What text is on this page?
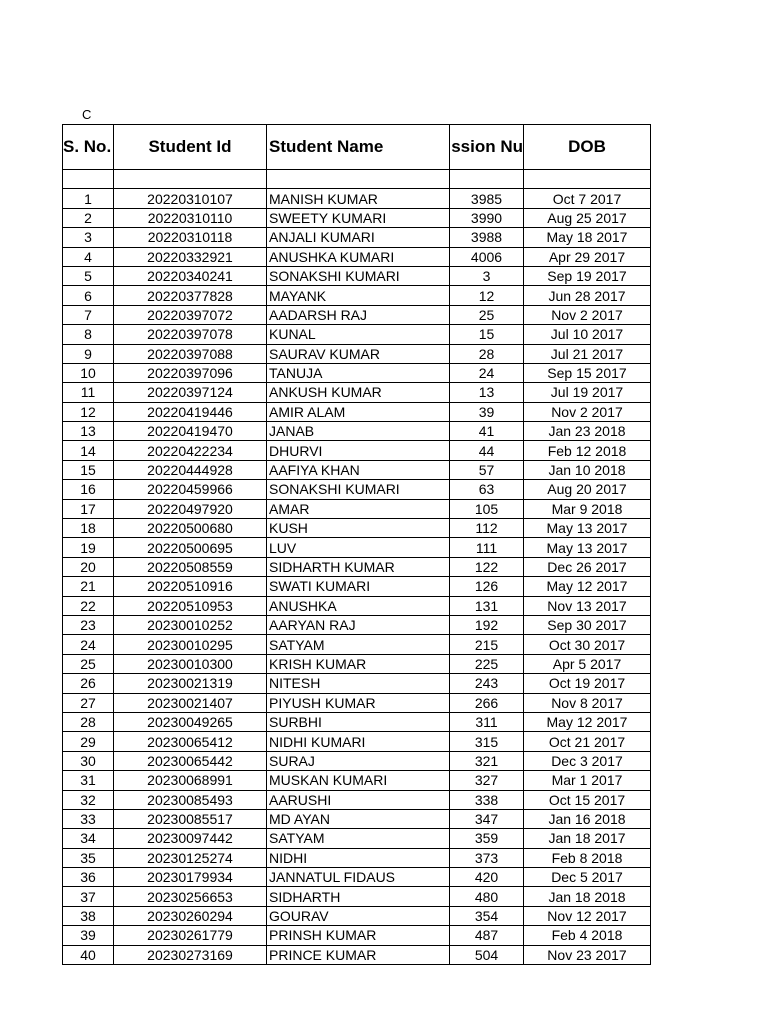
C
S. No.	Student Id	Student Name	ssion Nu	DOB

1	20220310107	MANISH KUMAR	3985	Oct 7 2017
2	20220310110	SWEETY KUMARI	3990	Aug 25 2017
3	20220310118	ANJALI KUMARI	3988	May 18 2017
4	20220332921	ANUSHKA KUMARI	4006	Apr 29 2017
5	20220340241	SONAKSHI KUMARI	3	Sep 19 2017
6	20220377828	MAYANK	12	Jun 28 2017
7	20220397072	AADARSH RAJ	25	Nov 2 2017
8	20220397078	KUNAL	15	Jul 10 2017
9	20220397088	SAURAV KUMAR	28	Jul 21 2017
10	20220397096	TANUJA	24	Sep 15 2017
11	20220397124	ANKUSH KUMAR	13	Jul 19 2017
12	20220419446	AMIR ALAM	39	Nov 2 2017
13	20220419470	JANAB	41	Jan 23 2018
14	20220422234	DHURVI	44	Feb 12 2018
15	20220444928	AAFIYA KHAN	57	Jan 10 2018
16	20220459966	SONAKSHI KUMARI	63	Aug 20 2017
17	20220497920	AMAR	105	Mar 9 2018
18	20220500680	KUSH	112	May 13 2017
19	20220500695	LUV	111	May 13 2017
20	20220508559	SIDHARTH KUMAR	122	Dec 26 2017
21	20220510916	SWATI KUMARI	126	May 12 2017
22	20220510953	ANUSHKA	131	Nov 13 2017
23	20230010252	AARYAN RAJ	192	Sep 30 2017
24	20230010295	SATYAM	215	Oct 30 2017
25	20230010300	KRISH KUMAR	225	Apr 5 2017
26	20230021319	NITESH	243	Oct 19 2017
27	20230021407	PIYUSH KUMAR	266	Nov 8 2017
28	20230049265	SURBHI	311	May 12 2017
29	20230065412	NIDHI KUMARI	315	Oct 21 2017
30	20230065442	SURAJ	321	Dec 3 2017
31	20230068991	MUSKAN KUMARI	327	Mar 1 2017
32	20230085493	AARUSHI	338	Oct 15 2017
33	20230085517	MD AYAN	347	Jan 16 2018
34	20230097442	SATYAM	359	Jan 18 2017
35	20230125274	NIDHI	373	Feb 8 2018
36	20230179934	JANNATUL FIDAUS	420	Dec 5 2017
37	20230256653	SIDHARTH	480	Jan 18 2018
38	20230260294	GOURAV	354	Nov 12 2017
39	20230261779	PRINSH KUMAR	487	Feb 4 2018
40	20230273169	PRINCE KUMAR	504	Nov 23 2017
